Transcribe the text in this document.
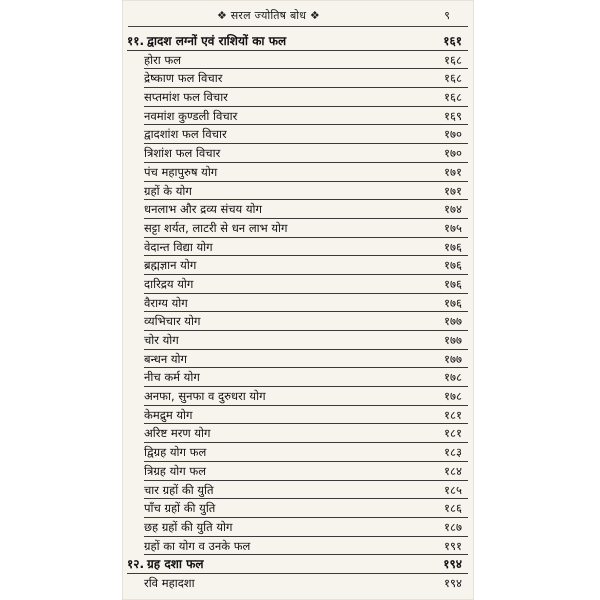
❖ सरल ज्योतिष बोध ❖	९
११. द्वादश लग्नों एवं राशियों का फल	१६१
होरा फल	१६८
द्रेष्काण फल विचार	१६८
सप्तमांश फल विचार	१६८
नवमांश कुण्डली विचार	१६९
द्वादशांश फल विचार	१७०
त्रिशांश फल विचार	१७०
पंच महापुरुष योग	१७१
ग्रहों के योग	१७१
धनलाभ और द्रव्य संचय योग	१७४
सट्टा शर्यत, लाटरी से धन लाभ योग	१७५
वेदान्त विद्या योग	१७६
ब्रह्मज्ञान योग	१७६
दारिद्रय योग	१७६
वैराग्य योग	१७६
व्यभिचार योग	१७७
चोर योग	१७७
बन्धन योग	१७७
नीच कर्म योग	१७८
अनफा, सुनफा व दुरुधरा योग	१७८
केमद्रुम योग	१८१
अरिष्ट मरण योग	१८१
द्विग्रह योग फल	१८३
त्रिग्रह योग फल	१८४
चार ग्रहों की युति	१८५
पाँच ग्रहों की युति	१८६
छह ग्रहों की युति योग	१८७
ग्रहों का योग व उनके फल	१९१
१२. ग्रह दशा फल	१९४
रवि महादशा	१९४
